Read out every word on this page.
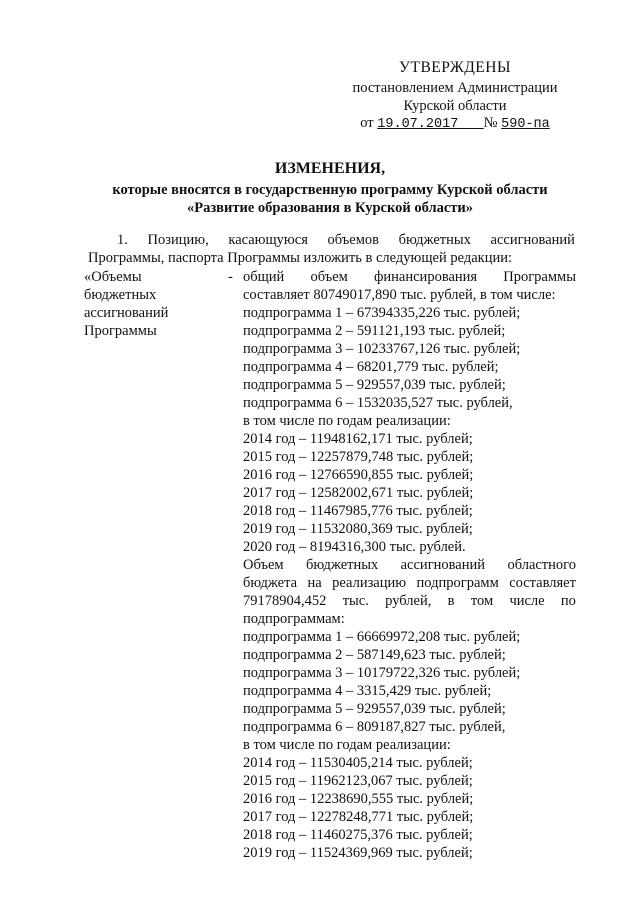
УТВЕРЖДЕНЫ
постановлением Администрации
Курской области
от 19.07.2017 № 590-па
ИЗМЕНЕНИЯ,
которые вносятся в государственную программу Курской области
«Развитие образования в Курской области»
1. Позицию, касающуюся объемов бюджетных ассигнований
Программы, паспорта Программы изложить в следующей редакции:
«Объемы
бюджетных
ассигнований
Программы
- общий объем финансирования Программы
составляет 80749017,890 тыс. рублей, в том числе:
подпрограмма 1 – 67394335,226 тыс. рублей;
подпрограмма 2 – 591121,193 тыс. рублей;
подпрограмма 3 – 10233767,126 тыс. рублей;
подпрограмма 4 – 68201,779 тыс. рублей;
подпрограмма 5 – 929557,039 тыс. рублей;
подпрограмма 6 – 1532035,527 тыс. рублей,
в том числе по годам реализации:
2014 год – 11948162,171 тыс. рублей;
2015 год – 12257879,748 тыс. рублей;
2016 год – 12766590,855 тыс. рублей;
2017 год – 12582002,671 тыс. рублей;
2018 год – 11467985,776 тыс. рублей;
2019 год – 11532080,369 тыс. рублей;
2020 год – 8194316,300 тыс. рублей.
Объем бюджетных ассигнований областного
бюджета на реализацию подпрограмм составляет
79178904,452 тыс. рублей, в том числе по
подпрограммам:
подпрограмма 1 – 66669972,208 тыс. рублей;
подпрограмма 2 – 587149,623 тыс. рублей;
подпрограмма 3 – 10179722,326 тыс. рублей;
подпрограмма 4 – 3315,429 тыс. рублей;
подпрограмма 5 – 929557,039 тыс. рублей;
подпрограмма 6 – 809187,827 тыс. рублей,
в том числе по годам реализации:
2014 год – 11530405,214 тыс. рублей;
2015 год – 11962123,067 тыс. рублей;
2016 год – 12238690,555 тыс. рублей;
2017 год – 12278248,771 тыс. рублей;
2018 год – 11460275,376 тыс. рублей;
2019 год – 11524369,969 тыс. рублей;
